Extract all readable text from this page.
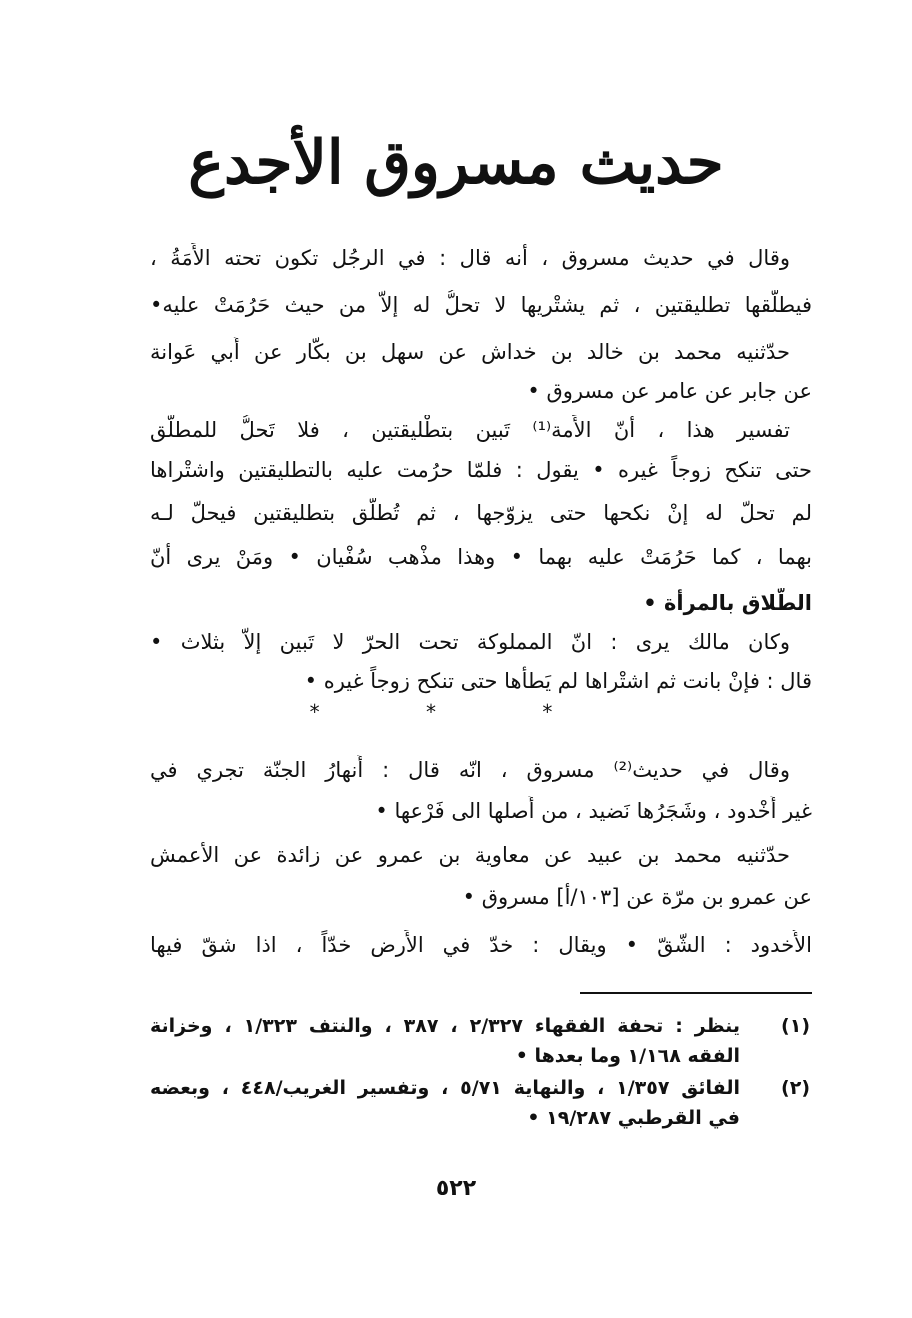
حديث مسروق الأجدع
وقال في حديث مسروق ، أنه قال : في الرجُل تكون تحته الأَمَةُ ،
فيطلّقها تطليقتين ، ثم يشتْريها لا تحلُّ له إلاّ من حيث حَرُمَتْ عليه•
حدّثنيه محمد بن خالد بن خداش عن سهل بن بكّار عن أَبي عَوانة
عن جابر عن عامر عن مسروق •
تفسير هذا ، أنّ الأَمة⁽¹⁾ تَبين بتطْليقتين ، فلا تَحلُّ للمطلّق
حتى تنكح زوجاً غيره • يقول : فلمّا حرُمت عليه بالتطليقتين واشتْراها
لم تحلّ له إنْ نكحها حتى يزوّجها ، ثم تُطلّق بتطليقتين فيحلّ لـه
بهما ، كما حَرُمَتْ عليه بهما • وهذا مذْهب سُفْيان • ومَنْ يرى أنّ
الطّلاق بالمرأة •
وكان مالك يرى : انّ المملوكة تحت الحرّ لا تَبين إلاّ بثلاث •
قال : فإنْ بانت ثم اشتْراها لم يَطأْها حتى تنكح زوجاً غيره •
* * *
وقال في حديث⁽²⁾ مسروق ، انّه قال : أَنهارُ الجنّة تجري في
غير أُخْدود ، وشَجَرُها نَضيد ، من أَصلها الى فَرْعها •
حدّثنيه محمد بن عبيد عن معاوية بن عمرو عن زائدة عن الأعمش
عن عمرو بن مرّة عن [١٠٣/أ] مسروق •
الأُخدود : الشّقّ • ويقال : خدّ في الأَرض خدّاً ، اذا شقّ فيها
(١)
ينظر : تحفة الفقهاء ٢/٣٢٧ ، ٣٨٧ ، والنتف ١/٣٢٣ ، وخزانة
الفقه ١/١٦٨ وما بعدها •
(٢)
الفائق ١/٣٥٧ ، والنهاية ٥/٧١ ، وتفسير الغريب/٤٤٨ ، وبعضه
في القرطبي ١٩/٢٨٧ •
٥٢٢
